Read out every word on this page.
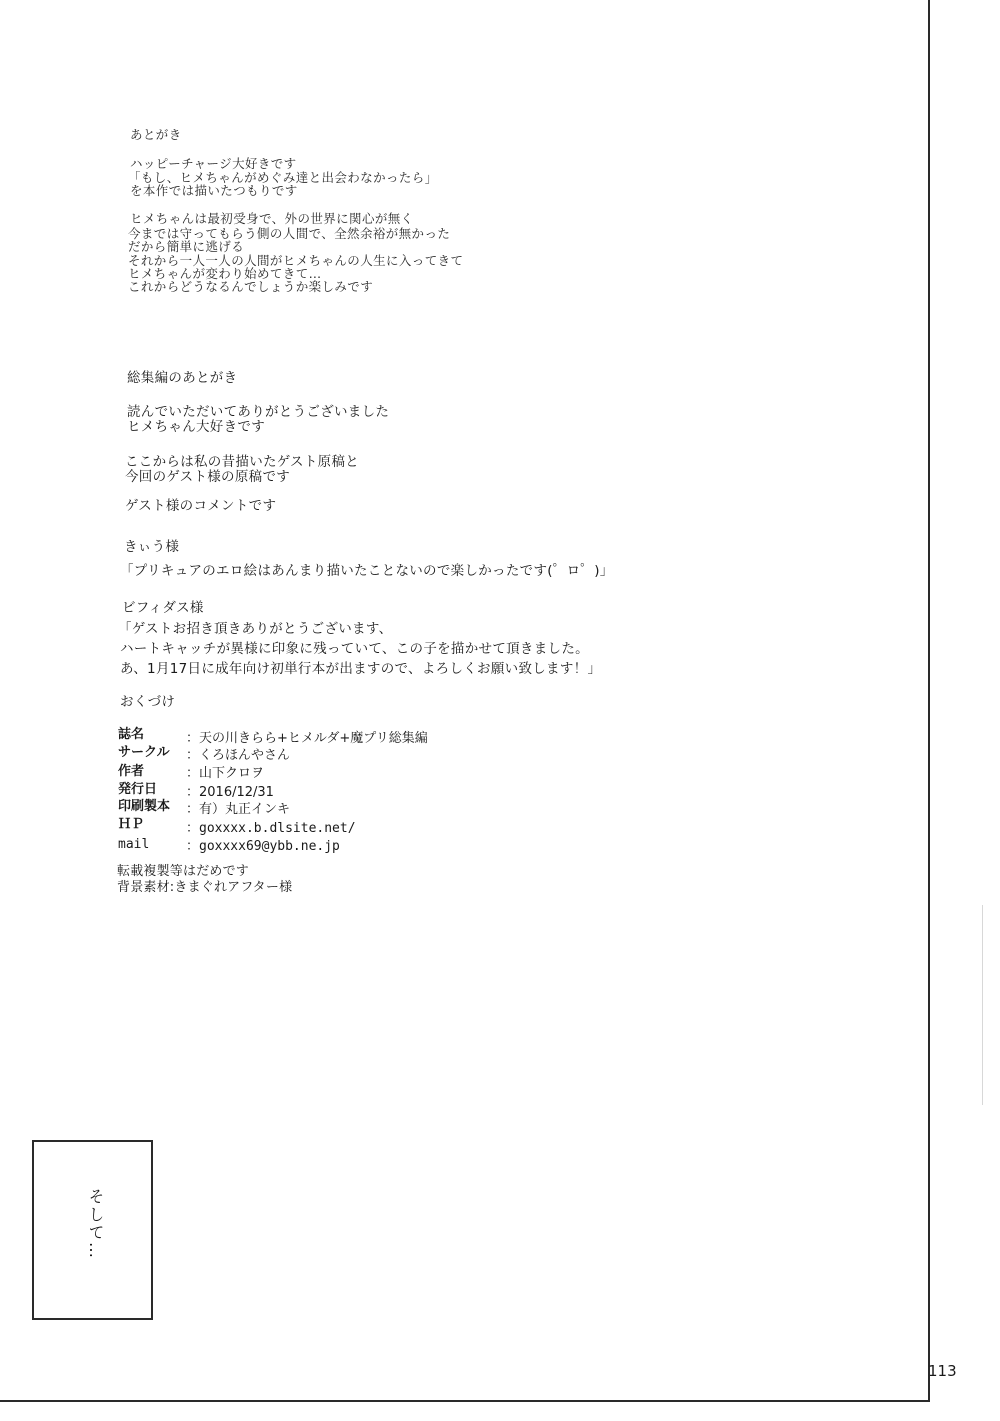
あとがき
ハッピーチャージ大好きです
「もし、ヒメちゃんがめぐみ達と出会わなかったら」
を本作では描いたつもりです
ヒメちゃんは最初受身で、外の世界に関心が無く
今までは守ってもらう側の人間で、全然余裕が無かった
だから簡単に逃げる
それから一人一人の人間がヒメちゃんの人生に入ってきて
ヒメちゃんが変わり始めてきて…
これからどうなるんでしょうか楽しみです
総集編のあとがき
読んでいただいてありがとうございました
ヒメちゃん大好きです
ここからは私の昔描いたゲスト原稿と
今回のゲスト様の原稿です
ゲスト様のコメントです
きぃう様
「プリキュアのエロ絵はあんまり描いたことないので楽しかったです(゜ロ゜)」
ビフィダス様
「ゲストお招き頂きありがとうございます、
ハートキャッチが異様に印象に残っていて、この子を描かせて頂きました。
あ、1月17日に成年向け初単行本が出ますので、よろしくお願い致します！」
おくづけ
誌名	：天の川きらら+ヒメルダ+魔プリ総集編
サークル ：くろほんやさん
作者	：山下クロヲ
発行日 ：2016/12/31
印刷製本 ：有）丸正インキ
ＨＰ	：goxxxx.b.dlsite.net/
mail	：goxxxx69@ybb.ne.jp
転載複製等はだめです
背景素材:きまぐれアフター様
そして…
113
